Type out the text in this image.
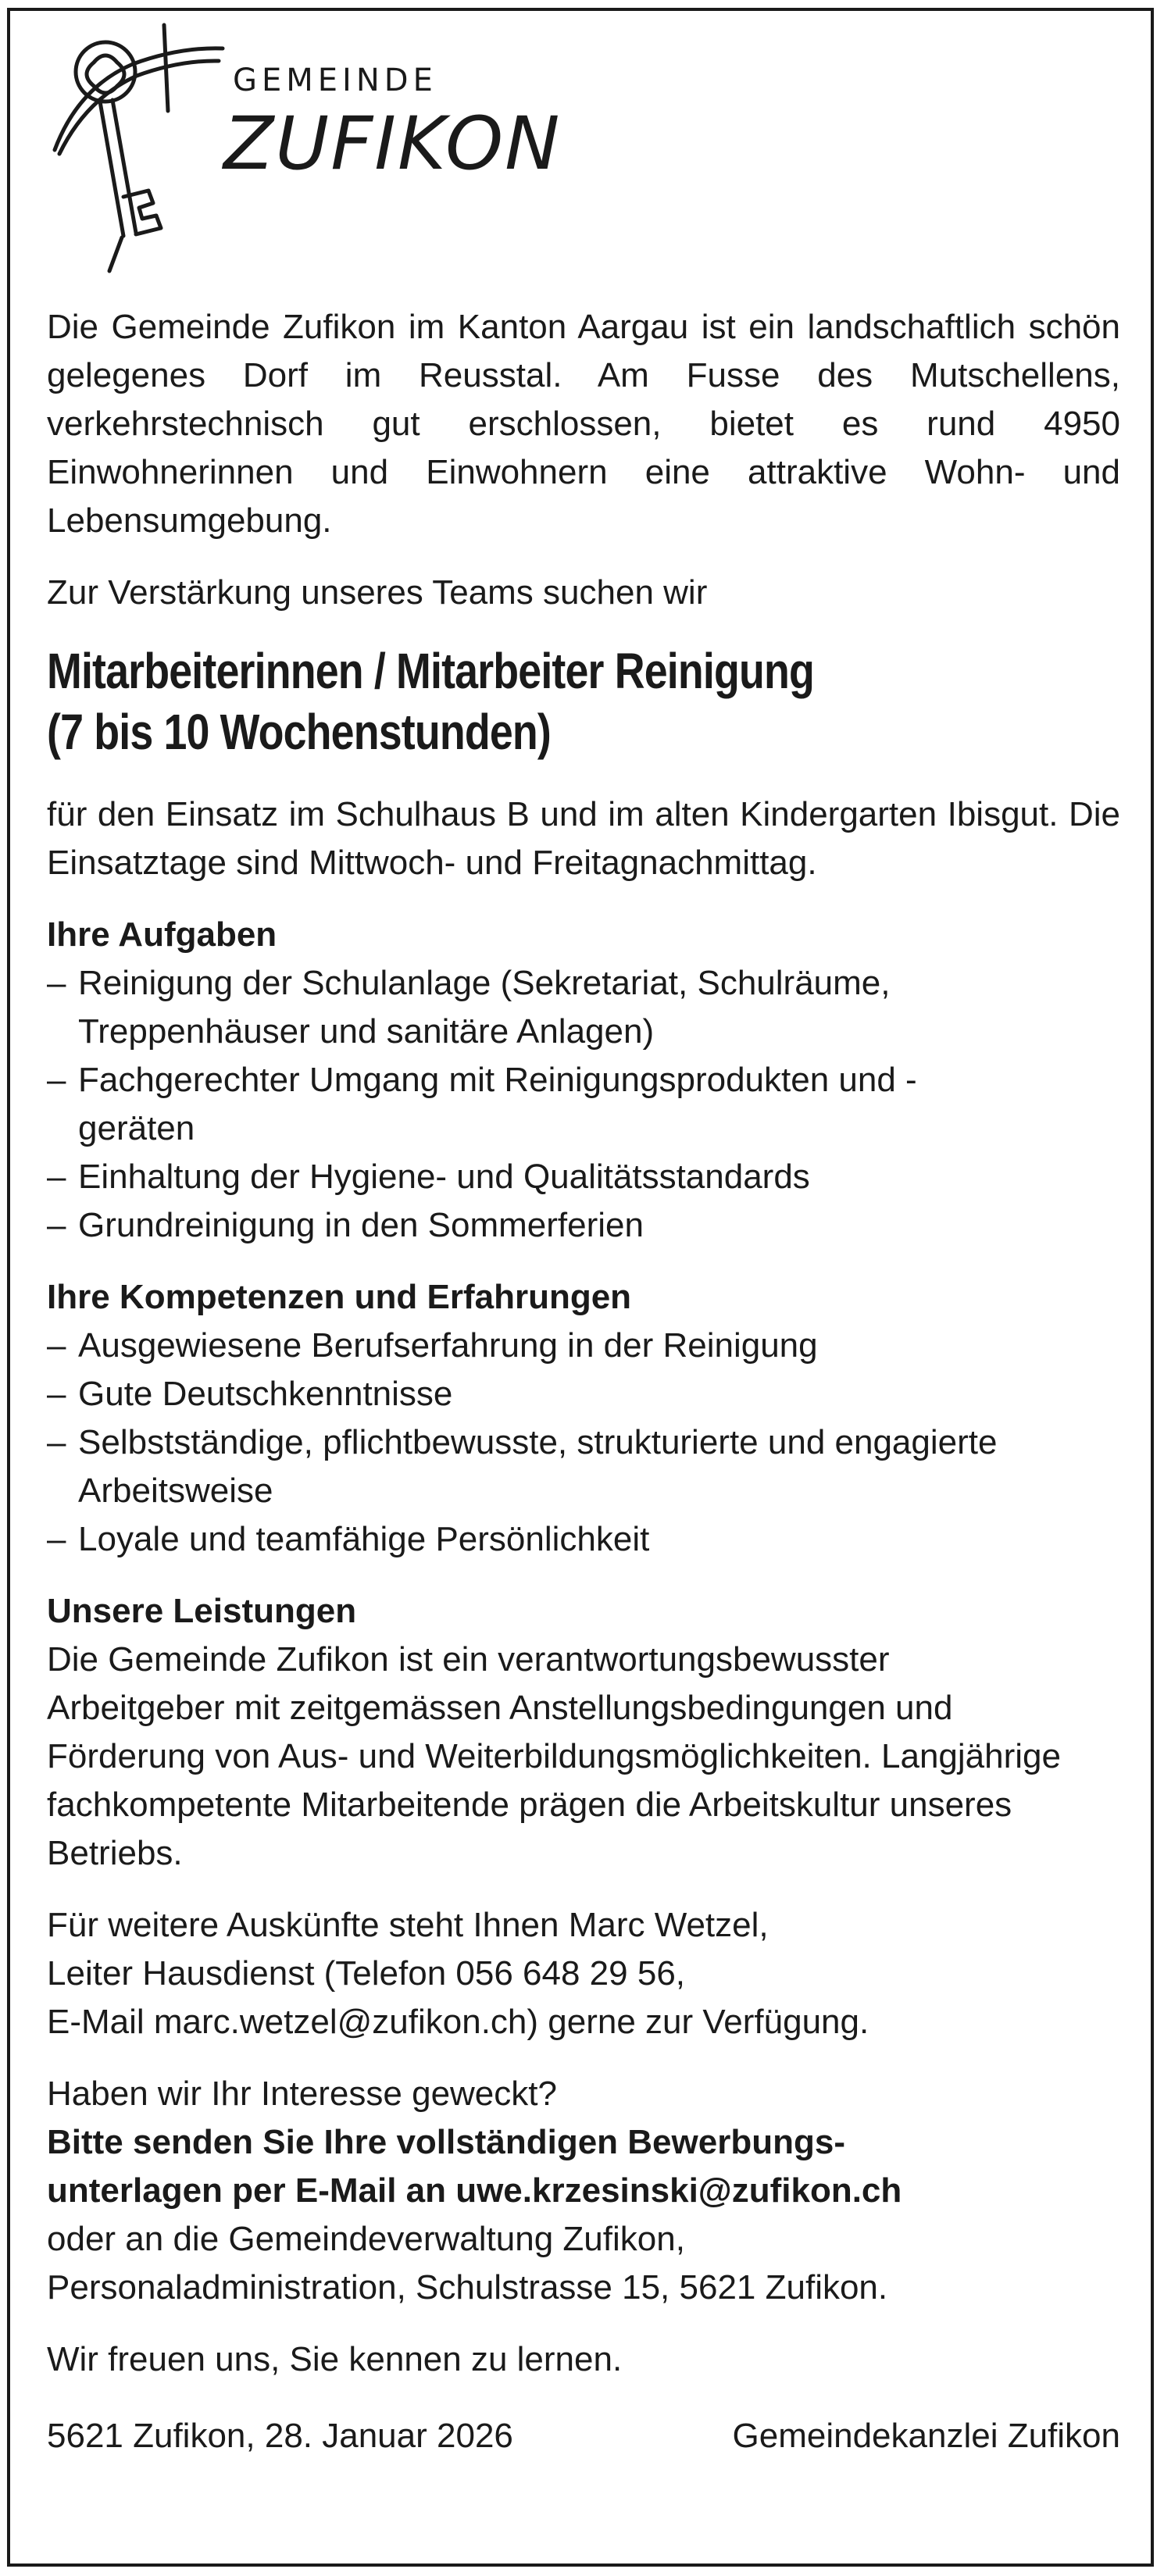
GEMEINDE
ZUFIKON

Die Gemeinde Zufikon im Kanton Aargau ist ein landschaftlich schön gelegenes Dorf im Reusstal. Am Fusse des Mutschellens, verkehrstechnisch gut erschlossen, bietet es rund 4950 Einwohnerinnen und Einwohnern eine attraktive Wohn- und Lebensumgebung.

Zur Verstärkung unseres Teams suchen wir

Mitarbeiterinnen / Mitarbeiter Reinigung
(7 bis 10 Wochenstunden)

für den Einsatz im Schulhaus B und im alten Kindergarten Ibisgut. Die Einsatztage sind Mittwoch- und Freitagnachmittag.

Ihre Aufgaben
– Reinigung der Schulanlage (Sekretariat, Schulräume, Treppenhäuser und sanitäre Anlagen)
– Fachgerechter Umgang mit Reinigungsprodukten und -geräten
– Einhaltung der Hygiene- und Qualitätsstandards
– Grundreinigung in den Sommerferien
Ihre Kompetenzen und Erfahrungen
– Ausgewiesene Berufserfahrung in der Reinigung
– Gute Deutschkenntnisse
– Selbstständige, pflichtbewusste, strukturierte und engagierte Arbeitsweise
– Loyale und teamfähige Persönlichkeit
Unsere Leistungen

Die Gemeinde Zufikon ist ein verantwortungsbewusster Arbeitgeber mit zeitgemässen Anstellungsbedingungen und Förderung von Aus- und Weiterbildungsmöglichkeiten. Langjährige fachkompetente Mitarbeitende prägen die Arbeitskultur unseres Betriebs.

Für weitere Auskünfte steht Ihnen Marc Wetzel,
Leiter Hausdienst (Telefon 056 648 29 56,
E-Mail marc.wetzel@zufikon.ch) gerne zur Verfügung.
Haben wir Ihr Interesse geweckt?
Bitte senden Sie Ihre vollständigen Bewerbungs-
unterlagen per E-Mail an uwe.krzesinski@zufikon.ch
oder an die Gemeindeverwaltung Zufikon,
Personaladministration, Schulstrasse 15, 5621 Zufikon.
Wir freuen uns, Sie kennen zu lernen.
5621 Zufikon, 28. Januar 2026	Gemeindekanzlei Zufikon
